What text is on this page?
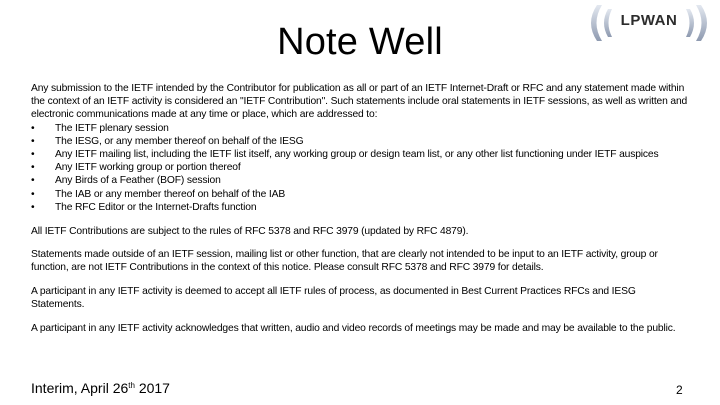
LPWAN
Note Well

Any submission to the IETF intended by the Contributor for publication as all or part of an IETF Internet-Draft or RFC and any statement made within the context of an IETF activity is considered an "IETF Contribution". Such statements include oral statements in IETF sessions, as well as written and electronic communications made at any time or place, which are addressed to:

• The IETF plenary session
• The IESG, or any member thereof on behalf of the IESG
• Any IETF mailing list, including the IETF list itself, any working group or design team list, or any other list functioning under IETF auspices
• Any IETF working group or portion thereof
• Any Birds of a Feather (BOF) session
• The IAB or any member thereof on behalf of the IAB
• The RFC Editor or the Internet-Drafts function

All IETF Contributions are subject to the rules of RFC 5378 and RFC 3979 (updated by RFC 4879).

Statements made outside of an IETF session, mailing list or other function, that are clearly not intended to be input to an IETF activity, group or function, are not IETF Contributions in the context of this notice. Please consult RFC 5378 and RFC 3979 for details.

A participant in any IETF activity is deemed to accept all IETF rules of process, as documented in Best Current Practices RFCs and IESG Statements.

A participant in any IETF activity acknowledges that written, audio and video records of meetings may be made and may be available to the public.

Interim, April 26th 2017	2
